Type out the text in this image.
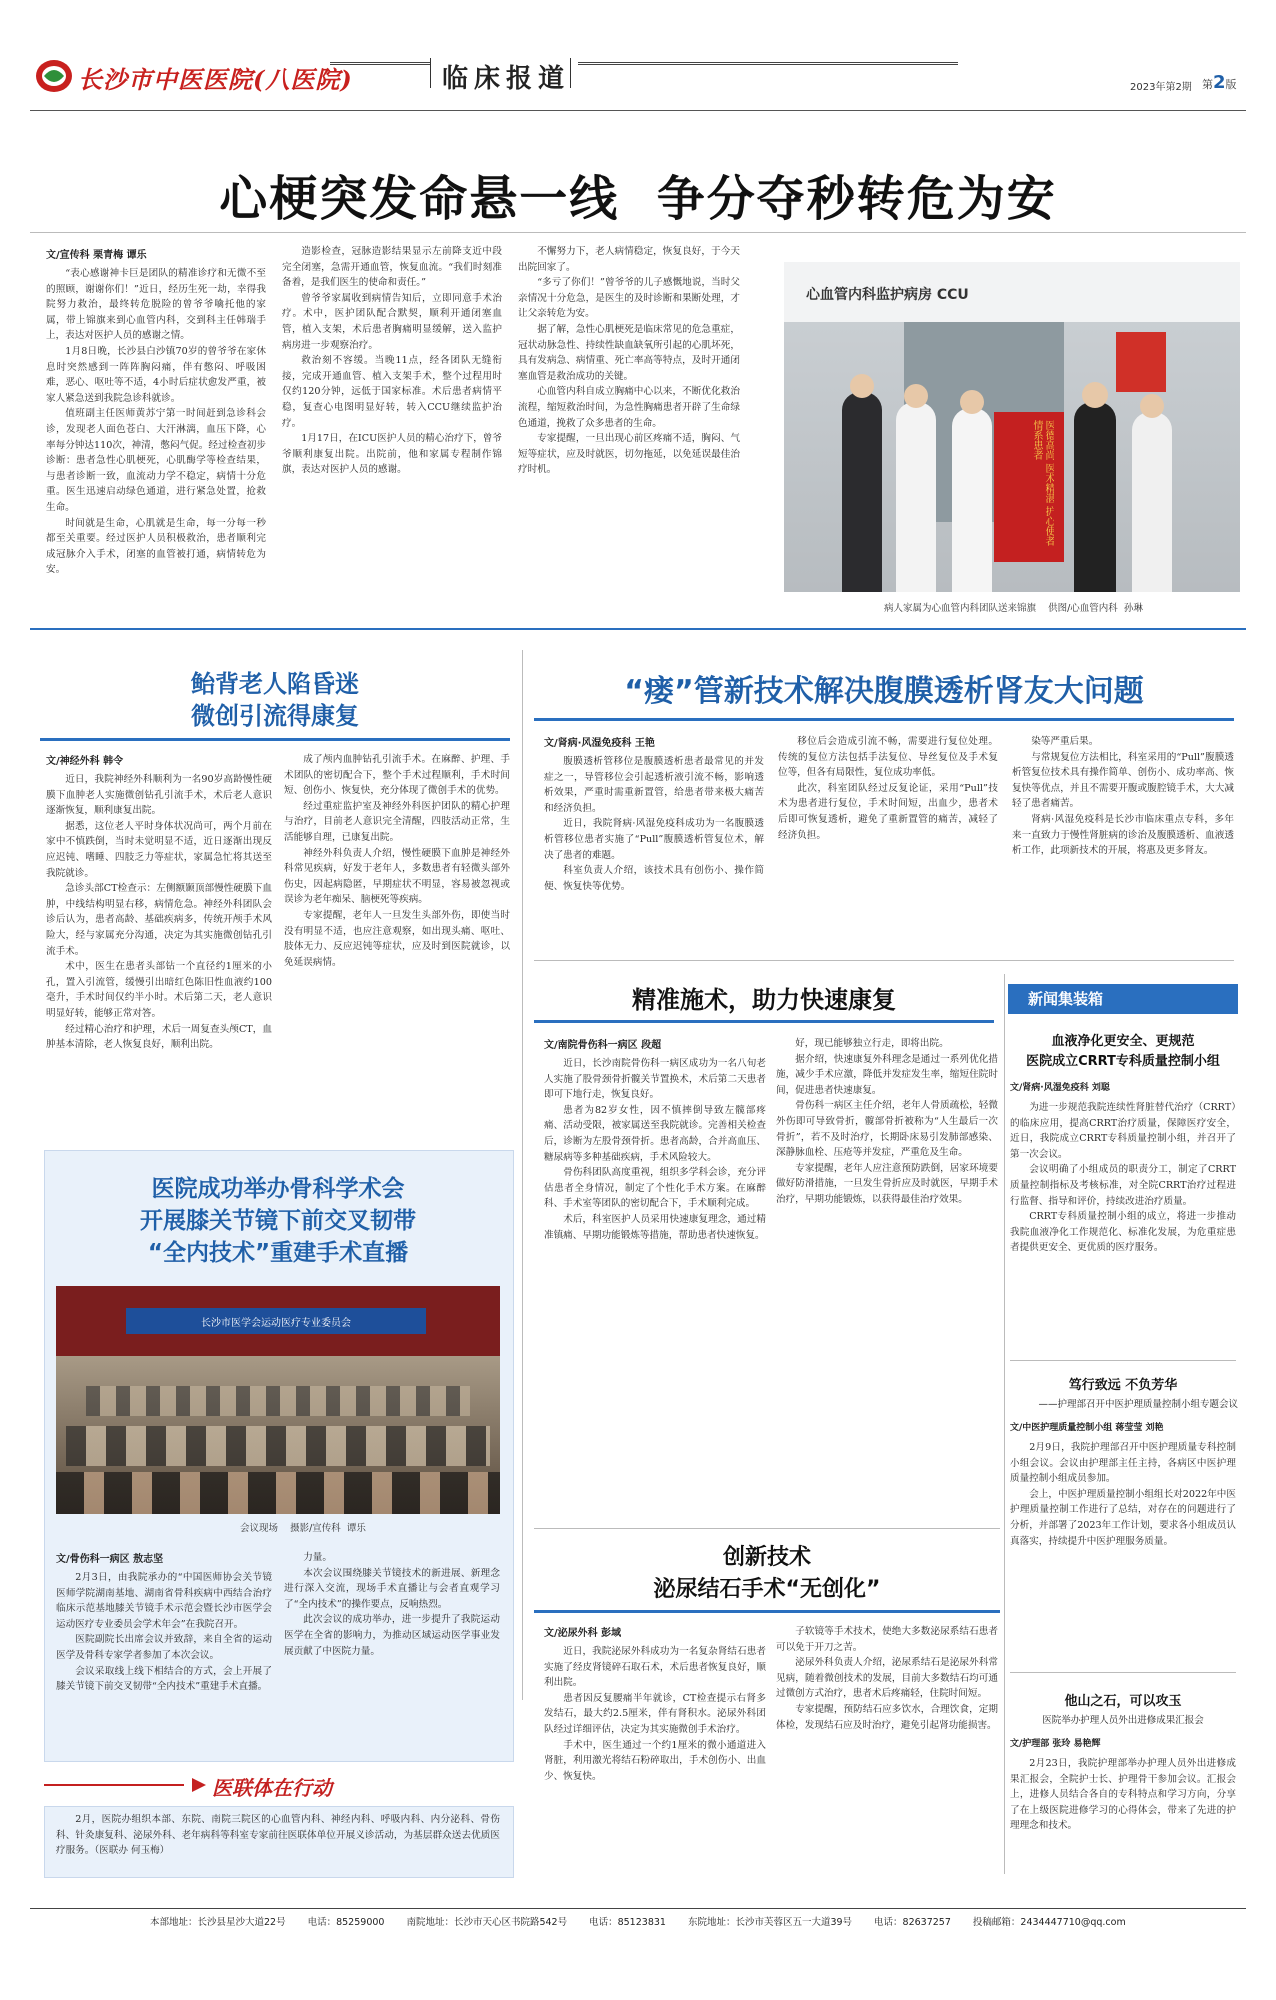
长沙市中医医院(八医院)	临床报道	2023年第2期 第2版
心梗突发命悬一线  争分夺秒转危为安
文/宣传科 栗青梅 谭乐

“表心感谢神卡巨是团队的精准诊疗和无微不至的照顾，谢谢你们！”近日，经历生死一劫，幸得我院努力救治，最终转危脱险的曾爷爷噙托他的家属，带上锦旗来到心血管内科，交到科主任韩瑞手上，表达对医护人员的感谢之情。

1月8日晚，长沙县白沙镇70岁的曾爷爷在家休息时突然感到一阵阵胸闷痛，伴有憋闷、呼吸困难，恶心、呕吐等不适，4小时后症状愈发严重，被家人紧急送到我院急诊科就诊。

值班副主任医师黄苏宁第一时间赶到急诊科会诊，发现老人面色苍白、大汗淋漓，血压下降，心率每分钟达110次，神清，憋闷气促。经过检查初步诊断：患者急性心肌梗死，心肌酶学等检查结果，与患者诊断一致，血流动力学不稳定，病情十分危重。医生迅速启动绿色通道，进行紧急处置，抢救生命。

时间就是生命，心肌就是生命，每一分每一秒都至关重要。经过医护人员积极救治，患者顺利完成冠脉介入手术，闭塞的血管被打通，病情转危为安。

造影检查，冠脉造影结果显示左前降支近中段完全闭塞，急需开通血管，恢复血流。“我们时刻准备着，是我们医生的使命和责任。”

曾爷爷家属收到病情告知后，立即同意手术治疗。术中，医护团队配合默契，顺利开通闭塞血管，植入支架，术后患者胸痛明显缓解，送入监护病房进一步观察治疗。

救治刻不容缓。当晚11点，经各团队无缝衔接，完成开通血管、植入支架手术，整个过程用时仅约120分钟，远低于国家标准。术后患者病情平稳，复查心电图明显好转，转入CCU继续监护治疗。

1月17日，在ICU医护人员的精心治疗下，曾爷爷顺利康复出院。出院前，他和家属专程制作锦旗，表达对医护人员的感谢。

不懈努力下，老人病情稳定，恢复良好，于今天出院回家了。

“多亏了你们！”曾爷爷的儿子感慨地说，当时父亲情况十分危急，是医生的及时诊断和果断处理，才让父亲转危为安。

据了解，急性心肌梗死是临床常见的危急重症，冠状动脉急性、持续性缺血缺氧所引起的心肌坏死，具有发病急、病情重、死亡率高等特点，及时开通闭塞血管是救治成功的关键。

心血管内科自成立胸痛中心以来，不断优化救治流程，缩短救治时间，为急性胸痛患者开辟了生命绿色通道，挽救了众多患者的生命。

专家提醒，一旦出现心前区疼痛不适，胸闷、气短等症状，应及时就医，切勿拖延，以免延误最佳治疗时机。

心血管内科监护病房 CCU
医德高尚 医术精湛 护心使者 情系患者
病人家属为心血管内科团队送来锦旗    供图/心血管内科  孙琳
鲐背老人陷昏迷
微创引流得康复
文/神经外科 韩令

近日，我院神经外科顺利为一名90岁高龄慢性硬膜下血肿老人实施微创钻孔引流手术，术后老人意识逐渐恢复，顺利康复出院。

据悉，这位老人平时身体状况尚可，两个月前在家中不慎跌倒，当时未觉明显不适，近日逐渐出现反应迟钝、嗜睡、四肢乏力等症状，家属急忙将其送至我院就诊。

急诊头部CT检查示：左侧额颞顶部慢性硬膜下血肿，中线结构明显右移，病情危急。神经外科团队会诊后认为，患者高龄、基础疾病多，传统开颅手术风险大，经与家属充分沟通，决定为其实施微创钻孔引流手术。

术中，医生在患者头部钻一个直径约1厘米的小孔，置入引流管，缓慢引出暗红色陈旧性血液约100毫升，手术时间仅约半小时。术后第二天，老人意识明显好转，能够正常对答。

经过精心治疗和护理，术后一周复查头颅CT，血肿基本清除，老人恢复良好，顺利出院。

成了颅内血肿钻孔引流手术。在麻醉、护理、手术团队的密切配合下，整个手术过程顺利，手术时间短、创伤小、恢复快，充分体现了微创手术的优势。

经过重症监护室及神经外科医护团队的精心护理与治疗，目前老人意识完全清醒，四肢活动正常，生活能够自理，已康复出院。

神经外科负责人介绍，慢性硬膜下血肿是神经外科常见疾病，好发于老年人，多数患者有轻微头部外伤史，因起病隐匿，早期症状不明显，容易被忽视或误诊为老年痴呆、脑梗死等疾病。

专家提醒，老年人一旦发生头部外伤，即使当时没有明显不适，也应注意观察，如出现头痛、呕吐、肢体无力、反应迟钝等症状，应及时到医院就诊，以免延误病情。

“瘘”管新技术解决腹膜透析肾友大问题
文/肾病·风湿免疫科 王艳

腹膜透析管移位是腹膜透析患者最常见的并发症之一，导管移位会引起透析液引流不畅，影响透析效果，严重时需重新置管，给患者带来极大痛苦和经济负担。

近日，我院肾病·风湿免疫科成功为一名腹膜透析管移位患者实施了“Pull”腹膜透析管复位术，解决了患者的难题。

科室负责人介绍，该技术具有创伤小、操作简便、恢复快等优势。

移位后会造成引流不畅，需要进行复位处理。传统的复位方法包括手法复位、导丝复位及手术复位等，但各有局限性，复位成功率低。

此次，科室团队经过反复论证，采用“Pull”技术为患者进行复位，手术时间短，出血少，患者术后即可恢复透析，避免了重新置管的痛苦，减轻了经济负担。

染等严重后果。

与常规复位方法相比，科室采用的“Pull”腹膜透析管复位技术具有操作简单、创伤小、成功率高、恢复快等优点，并且不需要开腹或腹腔镜手术，大大减轻了患者痛苦。

肾病·风湿免疫科是长沙市临床重点专科，多年来一直致力于慢性肾脏病的诊治及腹膜透析、血液透析工作，此项新技术的开展，将惠及更多肾友。

精准施术，助力快速康复
文/南院骨伤科一病区 段超

近日，长沙南院骨伤科一病区成功为一名八旬老人实施了股骨颈骨折髋关节置换术，术后第二天患者即可下地行走，恢复良好。

患者为82岁女性，因不慎摔倒导致左髋部疼痛、活动受限，被家属送至我院就诊。完善相关检查后，诊断为左股骨颈骨折。患者高龄，合并高血压、糖尿病等多种基础疾病，手术风险较大。

骨伤科团队高度重视，组织多学科会诊，充分评估患者全身情况，制定了个性化手术方案。在麻醉科、手术室等团队的密切配合下，手术顺利完成。

术后，科室医护人员采用快速康复理念，通过精准镇痛、早期功能锻炼等措施，帮助患者快速恢复。

好，现已能够独立行走，即将出院。

据介绍，快速康复外科理念是通过一系列优化措施，减少手术应激，降低并发症发生率，缩短住院时间，促进患者快速康复。

骨伤科一病区主任介绍，老年人骨质疏松，轻微外伤即可导致骨折，髋部骨折被称为“人生最后一次骨折”，若不及时治疗，长期卧床易引发肺部感染、深静脉血栓、压疮等并发症，严重危及生命。

专家提醒，老年人应注意预防跌倒，居家环境要做好防滑措施，一旦发生骨折应及时就医，早期手术治疗，早期功能锻炼，以获得最佳治疗效果。

新闻集装箱
血液净化更安全、更规范
医院成立CRRT专科质量控制小组
文/肾病·风湿免疫科 刘聪

为进一步规范我院连续性肾脏替代治疗（CRRT）的临床应用，提高CRRT治疗质量，保障医疗安全，近日，我院成立CRRT专科质量控制小组，并召开了第一次会议。

会议明确了小组成员的职责分工，制定了CRRT质量控制指标及考核标准，对全院CRRT治疗过程进行监督、指导和评价，持续改进治疗质量。

CRRT专科质量控制小组的成立，将进一步推动我院血液净化工作规范化、标准化发展，为危重症患者提供更安全、更优质的医疗服务。

笃行致远 不负芳华
——护理部召开中医护理质量控制小组专题会议
文/中医护理质量控制小组 蒋莹莹 刘艳

2月9日，我院护理部召开中医护理质量专科控制小组会议。会议由护理部主任主持，各病区中医护理质量控制小组成员参加。

会上，中医护理质量控制小组组长对2022年中医护理质量控制工作进行了总结，对存在的问题进行了分析，并部署了2023年工作计划，要求各小组成员认真落实，持续提升中医护理服务质量。

他山之石，可以攻玉
医院举办护理人员外出进修成果汇报会
文/护理部 张玲 易艳辉

2月23日，我院护理部举办护理人员外出进修成果汇报会，全院护士长、护理骨干参加会议。汇报会上，进修人员结合各自的专科特点和学习方向，分享了在上级医院进修学习的心得体会，带来了先进的护理理念和技术。

医院成功举办骨科学术会
开展膝关节镜下前交叉韧带
“全内技术”重建手术直播
长沙市医学会运动医疗专业委员会
会议现场    摄影/宣传科  谭乐
文/骨伤科一病区 敖志坚

2月3日，由我院承办的“中国医师协会关节镜医师学院湖南基地、湖南省骨科疾病中西结合治疗临床示范基地膝关节镜手术示范会暨长沙市医学会运动医疗专业委员会学术年会”在我院召开。

医院副院长出席会议并致辞，来自全省的运动医学及骨科专家学者参加了本次会议。

会议采取线上线下相结合的方式，会上开展了膝关节镜下前交叉韧带“全内技术”重建手术直播。

力量。

本次会议围绕膝关节镜技术的新进展、新理念进行深入交流，现场手术直播让与会者直观学习了“全内技术”的操作要点，反响热烈。

此次会议的成功举办，进一步提升了我院运动医学在全省的影响力，为推动区域运动医学事业发展贡献了中医院力量。

创新技术
泌尿结石手术“无创化”
文/泌尿外科 彭域

近日，我院泌尿外科成功为一名复杂肾结石患者实施了经皮肾镜碎石取石术，术后患者恢复良好，顺利出院。

患者因反复腰痛半年就诊，CT检查提示右肾多发结石，最大约2.5厘米，伴有肾积水。泌尿外科团队经过详细评估，决定为其实施微创手术治疗。

手术中，医生通过一个约1厘米的微小通道进入肾脏，利用激光将结石粉碎取出，手术创伤小、出血少、恢复快。

子软镜等手术技术，使绝大多数泌尿系结石患者可以免于开刀之苦。

泌尿外科负责人介绍，泌尿系结石是泌尿外科常见病，随着微创技术的发展，目前大多数结石均可通过微创方式治疗，患者术后疼痛轻，住院时间短。

专家提醒，预防结石应多饮水，合理饮食，定期体检，发现结石应及时治疗，避免引起肾功能损害。

医联体在行动

2月，医院办组织本部、东院、南院三院区的心血管内科、神经内科、呼吸内科、内分泌科、骨伤科、针灸康复科、泌尿外科、老年病科等科室专家前往医联体单位开展义诊活动，为基层群众送去优质医疗服务。（医联办 何玉梅）

本部地址：长沙县星沙大道22号 电话：85259000 南院地址：长沙市天心区书院路542号 电话：85123831 东院地址：长沙市芙蓉区五一大道39号 电话：82637257 投稿邮箱：2434447710@qq.com
